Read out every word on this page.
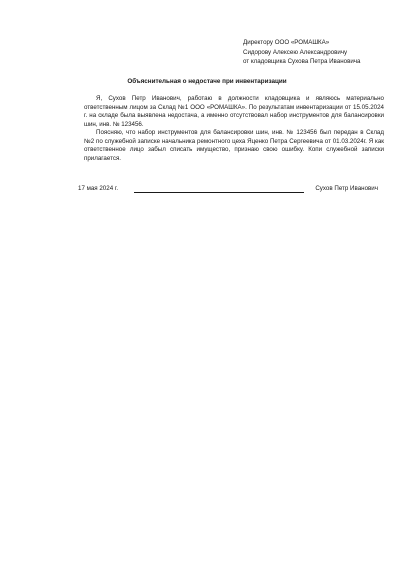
Директору ООО «РОМАШКА»
Сидорову Алексею Александровичу
от кладовщика Сухова Петра Ивановича
Объяснительная о недостаче при инвентаризации

Я, Сухов Петр Иванович, работаю в должности кладовщика и являюсь материально ответственным лицом за Склад №1 ООО «РОМАШКА». По результатам инвентаризации от 15.05.2024 г. на складе была выявлена недостача, а именно отсутствовал набор инструментов для балансировки шин, инв. № 123456.

Поясняю, что набор инструментов для балансировки шин, инв. № 123456 был передан в Склад №2 по служебной записке начальника ремонтного цеха Яценко Петра Сергеевича от 01.03.2024г. Я как ответственное лицо забыл списать имущество, признаю свою ошибку. Копи служебной записки прилагается.

17 мая 2024 г.	Сухов Петр Иванович
